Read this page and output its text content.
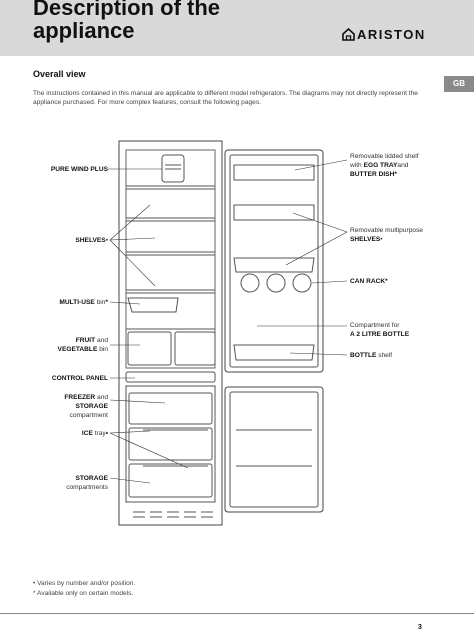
Description of the
appliance	ARISTON
GB
Overall view
The instructions contained in this manual are applicable to different model refrigerators. The diagrams may not directly represent the appliance purchased. For more complex features, consult the following pages.
PURE WIND PLUS
SHELVES•
MULTI-USE bin*
FRUIT and
VEGETABLE bin
CONTROL PANEL
FREEZER and
STORAGE
compartment
ICE tray•
STORAGE
compartments
Removable lidded shelf
with EGG TRAYand
BUTTER DISH*
Removable multipurpose
SHELVES•
CAN RACK*
Compartment for
A 2 LITRE BOTTLE
BOTTLE shelf
• Varies by number and/or position.
* Available only on certain models.
3
